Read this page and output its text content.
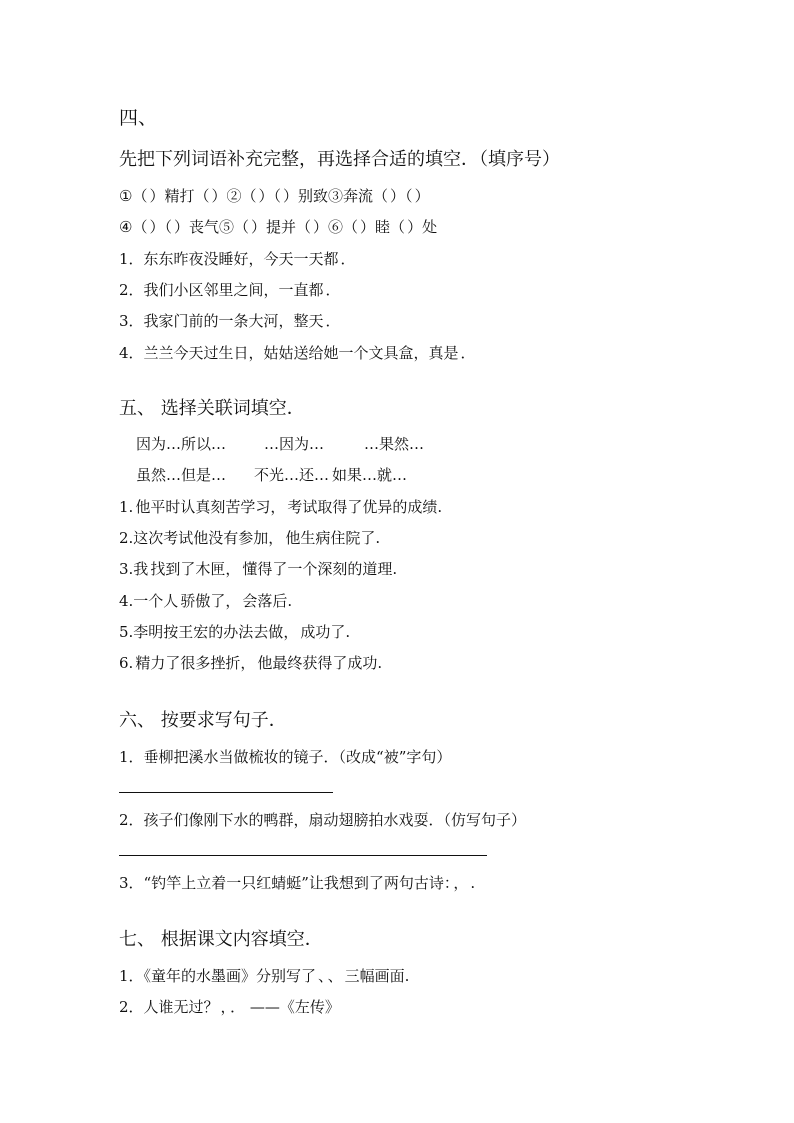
四、
先把下列词语补充完整，再选择合适的填空．（填序号）
①（ ）精打（ ）②（ ）（ ）别致③奔流（ ）（ ）
④（ ）（ ）丧气⑤（ ）提并（ ）⑥（ ）睦（ ）处
1．东东昨夜没睡好，今天一天都 ．
2．我们小区邻里之间，一直都 ．
3．我家门前的一条大河，整天 ．
4．兰兰今天过生日，姑姑送给她一个文具盒，真是 ．
五、 选择关联词填空．
因为…所以…	…因为…	…果然…
虽然…但是… 不光…还… 如果…就…
1. 他平时认真刻苦学习， 考试取得了优异的成绩.
2.这次考试他没有参加， 他生病住院了.
3.我 找到了木匣， 懂得了一个深刻的道理.
4.一个人 骄傲了， 会落后.
5.李明按王宏的办法去做， 成功了.
6. 精力了很多挫折， 他最终获得了成功.
六、 按要求写句子．
1．垂柳把溪水当做梳妆的镜子．（改成“被”字句）
2．孩子们像刚下水的鸭群，扇动翅膀拍水戏耍．（仿写句子）
3．“钓竿上立着一只红蜻蜓”让我想到了两句古诗： ， .
七、 根据课文内容填空．
1．《童年的水墨画》分别写了 、 、 三幅画面.
2．人谁无过？ ， ． ——《左传》
